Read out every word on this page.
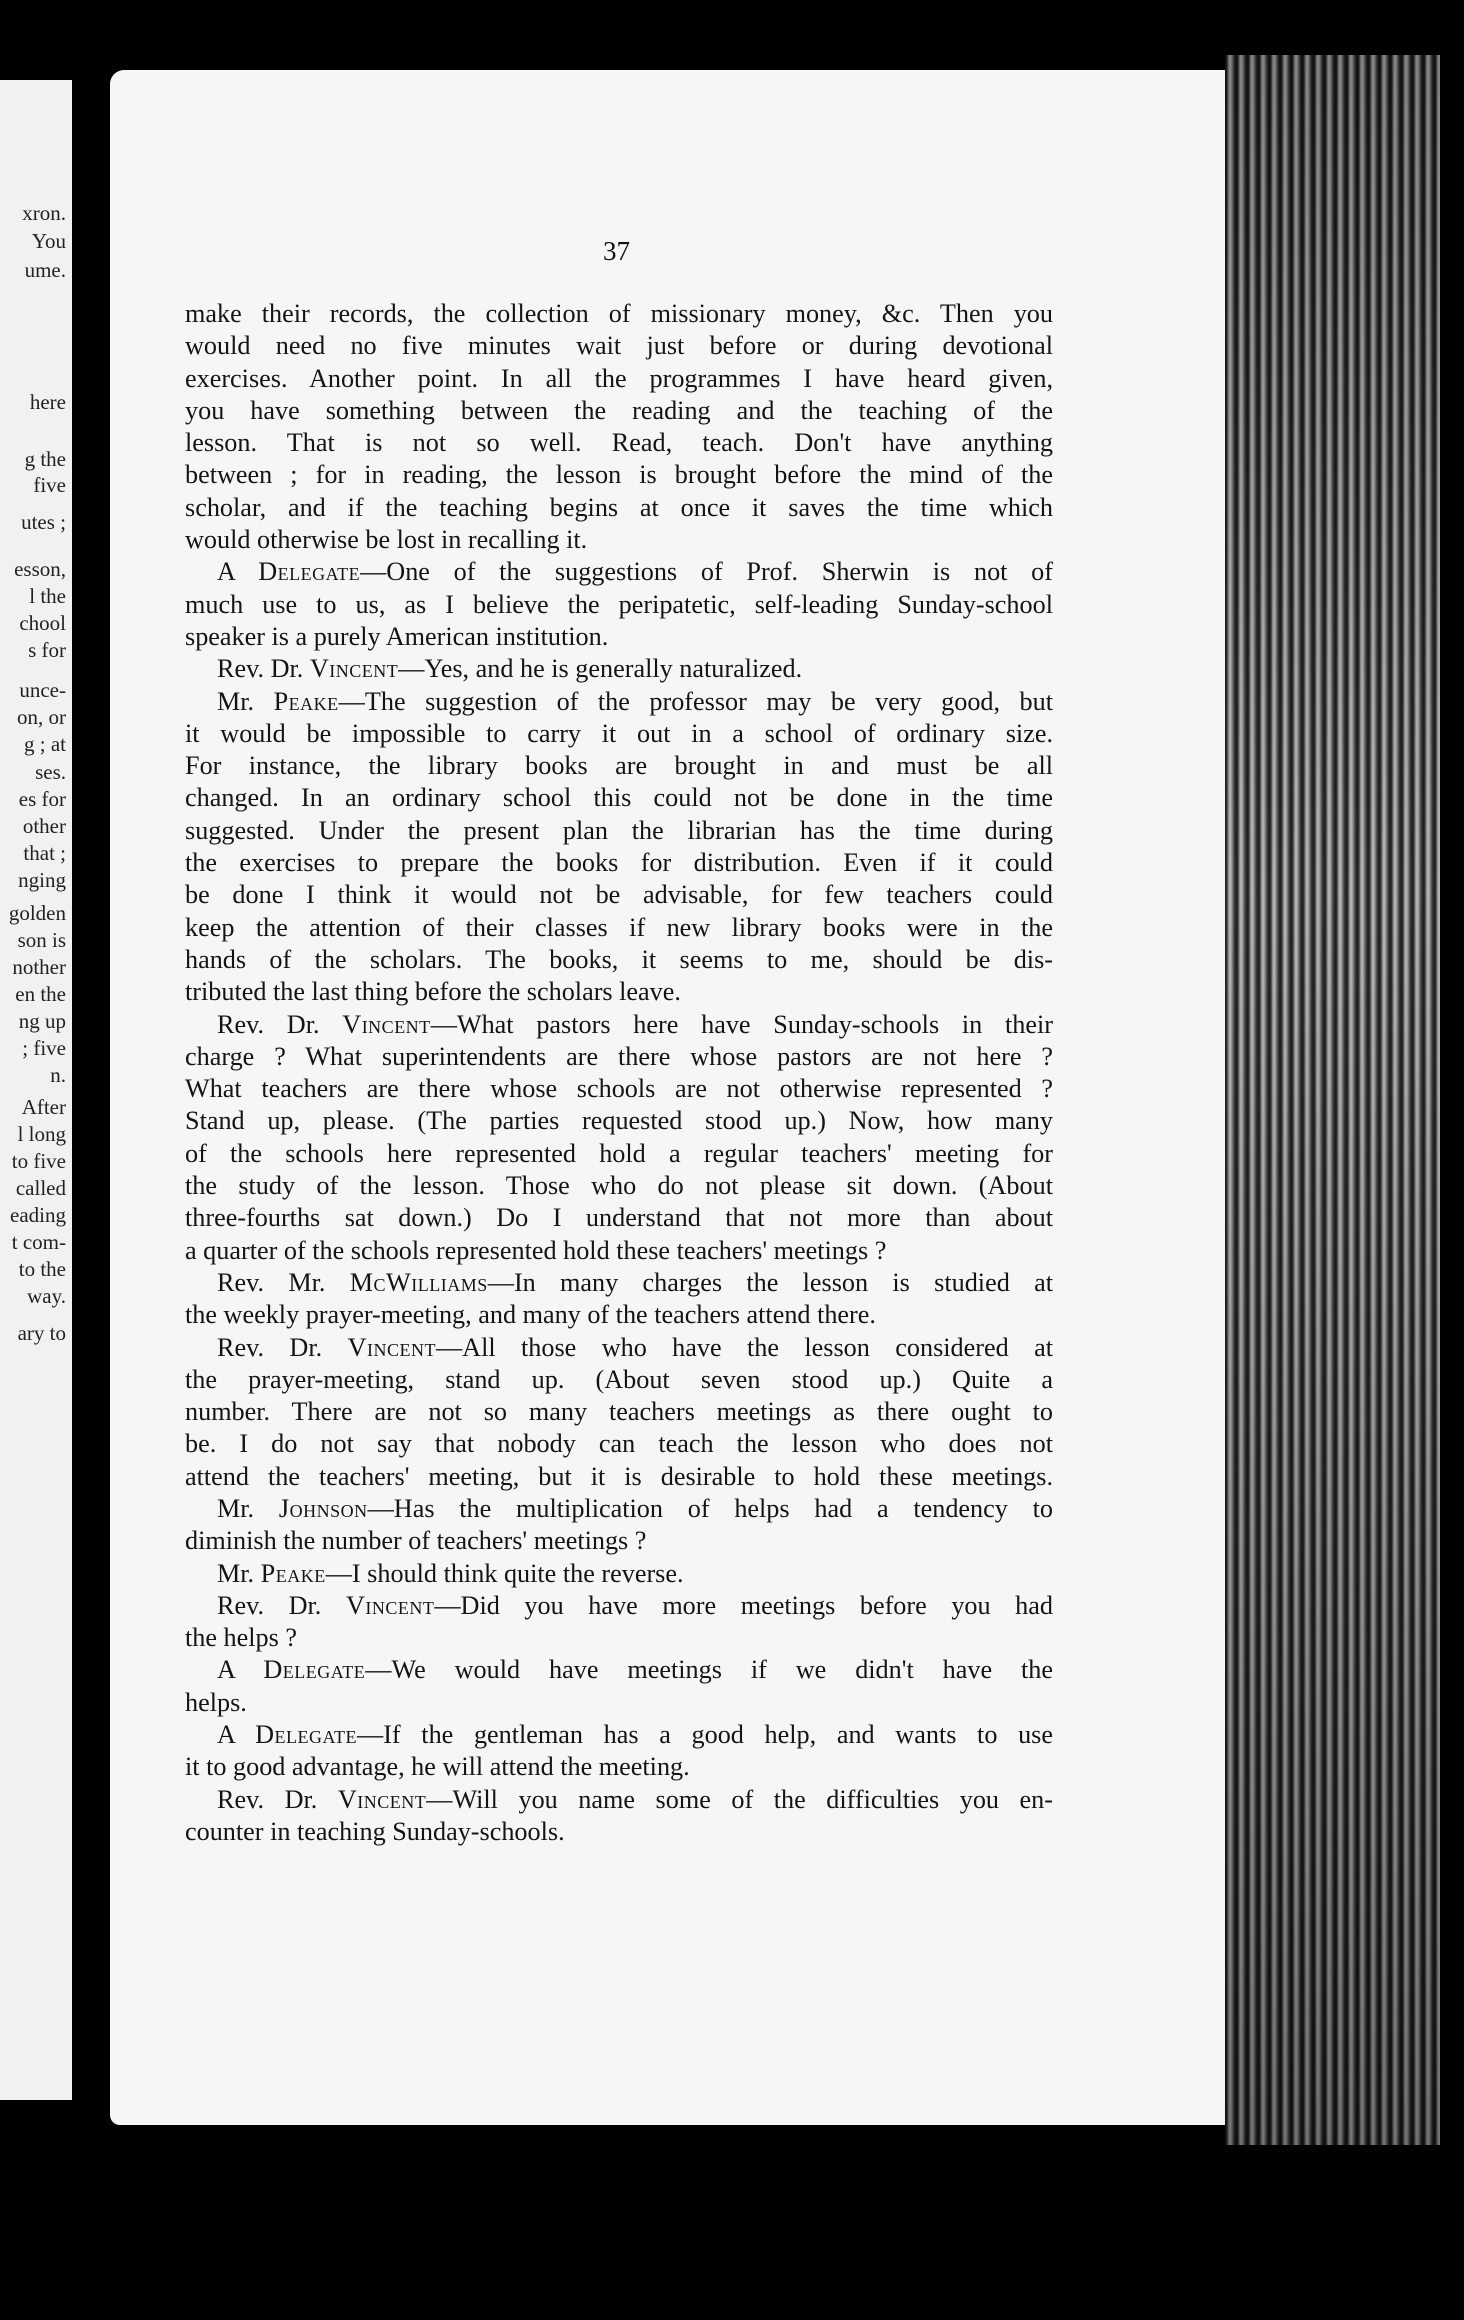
xron.
You
ume.
here
g the
five
utes ;
esson,
l the
chool
s for
unce-
on, or
g ; at
ses.
es for
other
that ;
nging
golden
son is
nother
en the
ng up
; five
n.
After
l long
to five
called
eading
t com-
to the
way.
ary to
37
make their records, the collection of missionary money, &c. Then you
would need no five minutes wait just before or during devotional
exercises. Another point. In all the programmes I have heard given,
you have something between the reading and the teaching of the
lesson. That is not so well. Read, teach. Don't have anything
between ; for in reading, the lesson is brought before the mind of the
scholar, and if the teaching begins at once it saves the time which
would otherwise be lost in recalling it.
A Delegate—One of the suggestions of Prof. Sherwin is not of
much use to us, as I believe the peripatetic, self-leading Sunday-school
speaker is a purely American institution.
Rev. Dr. Vincent—Yes, and he is generally naturalized.
Mr. Peake—The suggestion of the professor may be very good, but
it would be impossible to carry it out in a school of ordinary size.
For instance, the library books are brought in and must be all
changed. In an ordinary school this could not be done in the time
suggested. Under the present plan the librarian has the time during
the exercises to prepare the books for distribution. Even if it could
be done I think it would not be advisable, for few teachers could
keep the attention of their classes if new library books were in the
hands of the scholars. The books, it seems to me, should be dis-
tributed the last thing before the scholars leave.
Rev. Dr. Vincent—What pastors here have Sunday-schools in their
charge ? What superintendents are there whose pastors are not here ?
What teachers are there whose schools are not otherwise represented ?
Stand up, please. (The parties requested stood up.) Now, how many
of the schools here represented hold a regular teachers' meeting for
the study of the lesson. Those who do not please sit down. (About
three-fourths sat down.) Do I understand that not more than about
a quarter of the schools represented hold these teachers' meetings ?
Rev. Mr. McWilliams—In many charges the lesson is studied at
the weekly prayer-meeting, and many of the teachers attend there.
Rev. Dr. Vincent—All those who have the lesson considered at
the prayer-meeting, stand up. (About seven stood up.) Quite a
number. There are not so many teachers meetings as there ought to
be. I do not say that nobody can teach the lesson who does not
attend the teachers' meeting, but it is desirable to hold these meetings.
Mr. Johnson—Has the multiplication of helps had a tendency to
diminish the number of teachers' meetings ?
Mr. Peake—I should think quite the reverse.
Rev. Dr. Vincent—Did you have more meetings before you had
the helps ?
A Delegate—We would have meetings if we didn't have the
helps.
A Delegate—If the gentleman has a good help, and wants to use
it to good advantage, he will attend the meeting.
Rev. Dr. Vincent—Will you name some of the difficulties you en-
counter in teaching Sunday-schools.
